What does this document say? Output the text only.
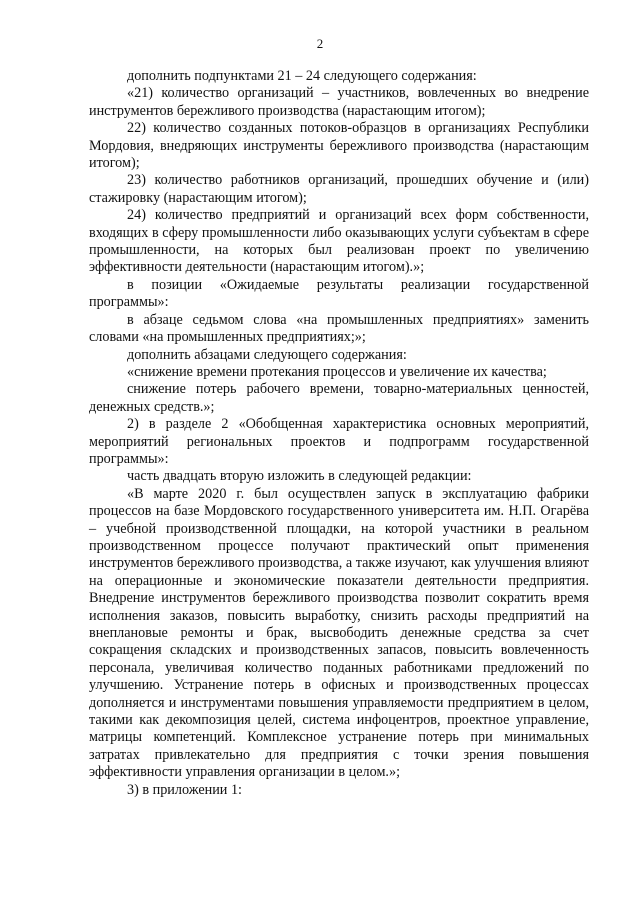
2

дополнить подпунктами 21 – 24 следующего содержания:

«21) количество организаций – участников, вовлеченных во внедрение инструментов бережливого производства (нарастающим итогом);

22) количество созданных потоков-образцов в организациях Республики Мордовия, внедряющих инструменты бережливого производства (нарастающим итогом);

23) количество работников организаций, прошедших обучение и (или) стажировку (нарастающим итогом);

24) количество предприятий и организаций всех форм собственности, входящих в сферу промышленности либо оказывающих услуги субъектам в сфере промышленности, на которых был реализован проект по увеличению эффективности деятельности (нарастающим итогом).»;

в позиции «Ожидаемые результаты реализации государственной программы»:

в абзаце седьмом слова «на промышленных предприятиях» заменить словами «на промышленных предприятиях;»;

дополнить абзацами следующего содержания:

«снижение времени протекания процессов и увеличение их качества;

снижение потерь рабочего времени, товарно-материальных ценностей, денежных средств.»;

2) в разделе 2 «Обобщенная характеристика основных мероприятий, мероприятий региональных проектов и подпрограмм государственной программы»:

часть двадцать вторую изложить в следующей редакции:

«В марте 2020 г. был осуществлен запуск в эксплуатацию фабрики процессов на базе Мордовского государственного университета им. Н.П. Огарёва – учебной производственной площадки, на которой участники в реальном производственном процессе получают практический опыт применения инструментов бережливого производства, а также изучают, как улучшения влияют на операционные и экономические показатели деятельности предприятия. Внедрение инструментов бережливого производства позволит сократить время исполнения заказов, повысить выработку, снизить расходы предприятий на внеплановые ремонты и брак, высвободить денежные средства за счет сокращения складских и производственных запасов, повысить вовлеченность персонала, увеличивая количество поданных работниками предложений по улучшению. Устранение потерь в офисных и производственных процессах дополняется и инструментами повышения управляемости предприятием в целом, такими как декомпозиция целей, система инфоцентров, проектное управление, матрицы компетенций. Комплексное устранение потерь при минимальных затратах привлекательно для предприятия с точки зрения повышения эффективности управления организации в целом.»;

3) в приложении 1:
